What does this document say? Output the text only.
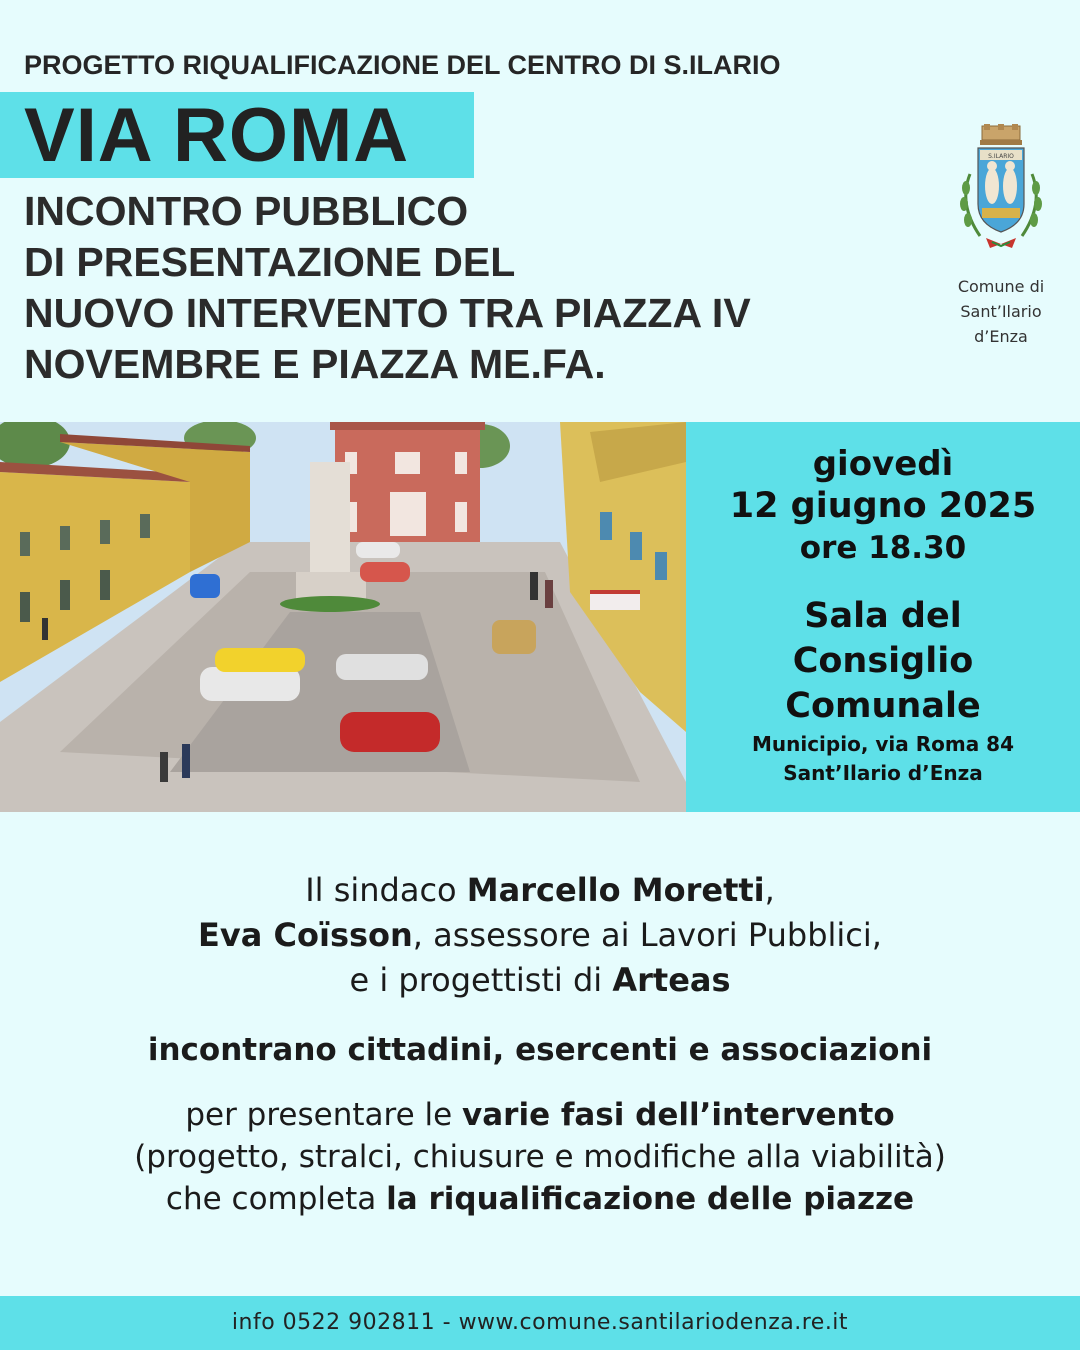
PROGETTO RIQUALIFICAZIONE DEL CENTRO DI S.ILARIO
VIA ROMA
INCONTRO PUBBLICO
DI PRESENTAZIONE DEL
NUOVO INTERVENTO TRA PIAZZA IV
NOVEMBRE E PIAZZA ME.FA.
S.ILARIO
Comune di
Sant’Ilario
d’Enza
giovedì
12 giugno 2025
ore 18.30
Sala del
Consiglio
Comunale
Municipio, via Roma 84
Sant’Ilario d’Enza
Il sindaco Marcello Moretti,
Eva Coïsson, assessore ai Lavori Pubblici,
e i progettisti di Arteas
incontrano cittadini, esercenti e associazioni
per presentare le varie fasi dell’intervento
(progetto, stralci, chiusure e modifiche alla viabilità)
che completa la riqualificazione delle piazze
info 0522 902811 - www.comune.santilariodenza.re.it
